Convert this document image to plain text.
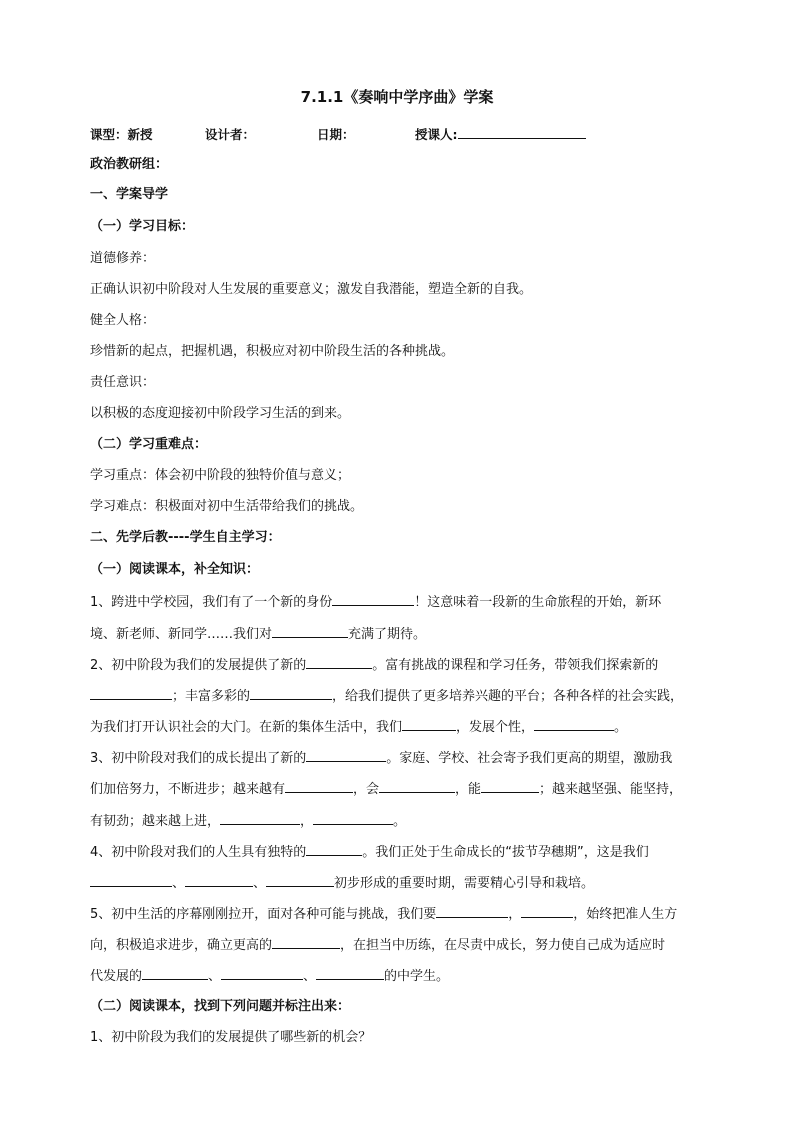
7.1.1《奏响中学序曲》学案
课型：新授	设计者：	日期：	授课人:
政治教研组：
一、学案导学
（一）学习目标：
道德修养：
正确认识初中阶段对人生发展的重要意义；激发自我潜能，塑造全新的自我。
健全人格：
珍惜新的起点，把握机遇，积极应对初中阶段生活的各种挑战。
责任意识：
以积极的态度迎接初中阶段学习生活的到来。
（二）学习重难点：
学习重点：体会初中阶段的独特价值与意义；
学习难点：积极面对初中生活带给我们的挑战。
二、先学后教----学生自主学习：
（一）阅读课本，补全知识：
1、跨进中学校园，我们有了一个新的身份	！这意味着一段新的生命旅程的开始，新环
境、新老师、新同学……我们对	充满了期待。
2、初中阶段为我们的发展提供了新的	。富有挑战的课程和学习任务，带领我们探索新的
；丰富多彩的	，给我们提供了更多培养兴趣的平台；各种各样的社会实践，
为我们打开认识社会的大门。在新的集体生活中，我们	，发展个性，	。
3、初中阶段对我们的成长提出了新的	。家庭、学校、社会寄予我们更高的期望，激励我
们加倍努力，不断进步；越来越有	，会	，能	；越来越坚强、能坚持，
有韧劲；越来越上进，	，	。
4、初中阶段对我们的人生具有独特的	。我们正处于生命成长的“拔节孕穗期”，这是我们
、	、	初步形成的重要时期，需要精心引导和栽培。
5、初中生活的序幕刚刚拉开，面对各种可能与挑战，我们要	，	，始终把准人生方
向，积极追求进步，确立更高的	，在担当中历练，在尽责中成长，努力使自己成为适应时
代发展的	、	、	的中学生。
（二）阅读课本，找到下列问题并标注出来：
1、初中阶段为我们的发展提供了哪些新的机会？
